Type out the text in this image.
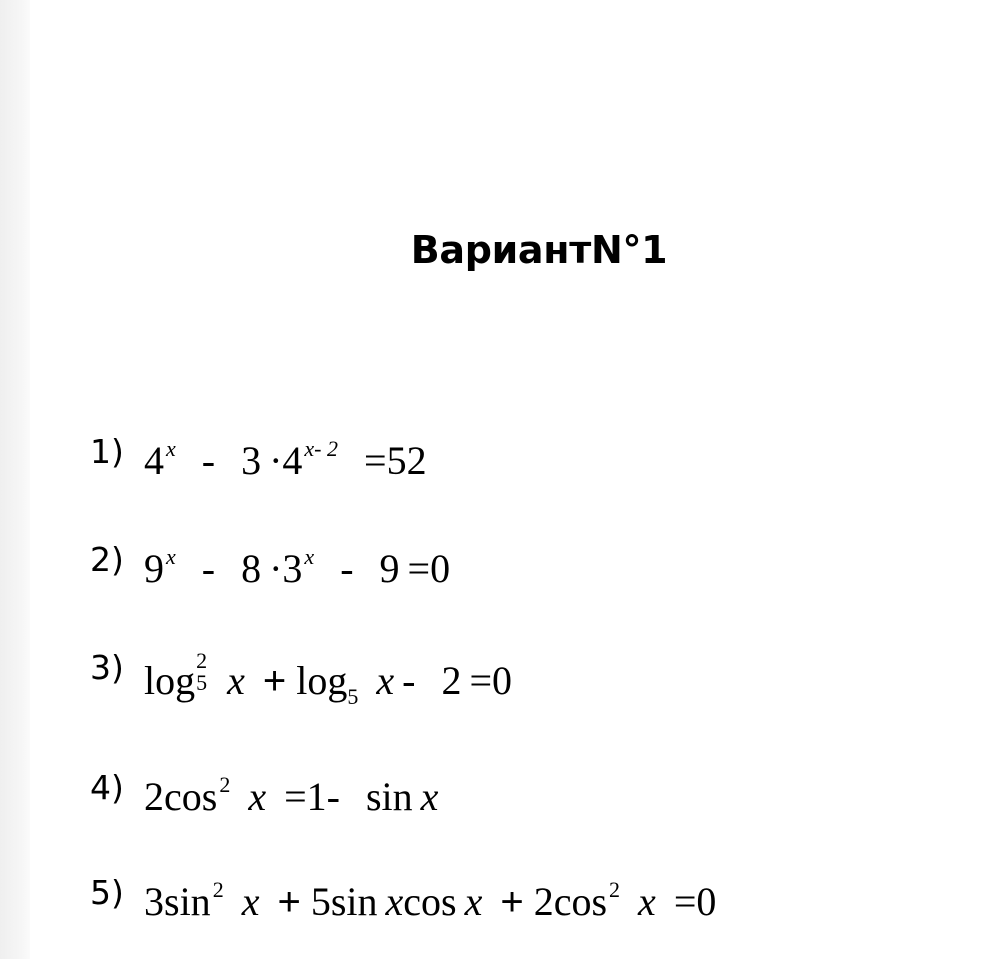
ВариантN°1
1) $4^x - 3 \cdot 4^{x- 2} =52$
2) $9^x - 8 \cdot 3^x - 9 =0$
3) log 2
5 $x + \log_5 x - 2 =0$
4) $2\cos^2$ x =1- sin x
5) $3\sin^2$ x + 5sin xcos $x + 2\cos^2$ x =0
